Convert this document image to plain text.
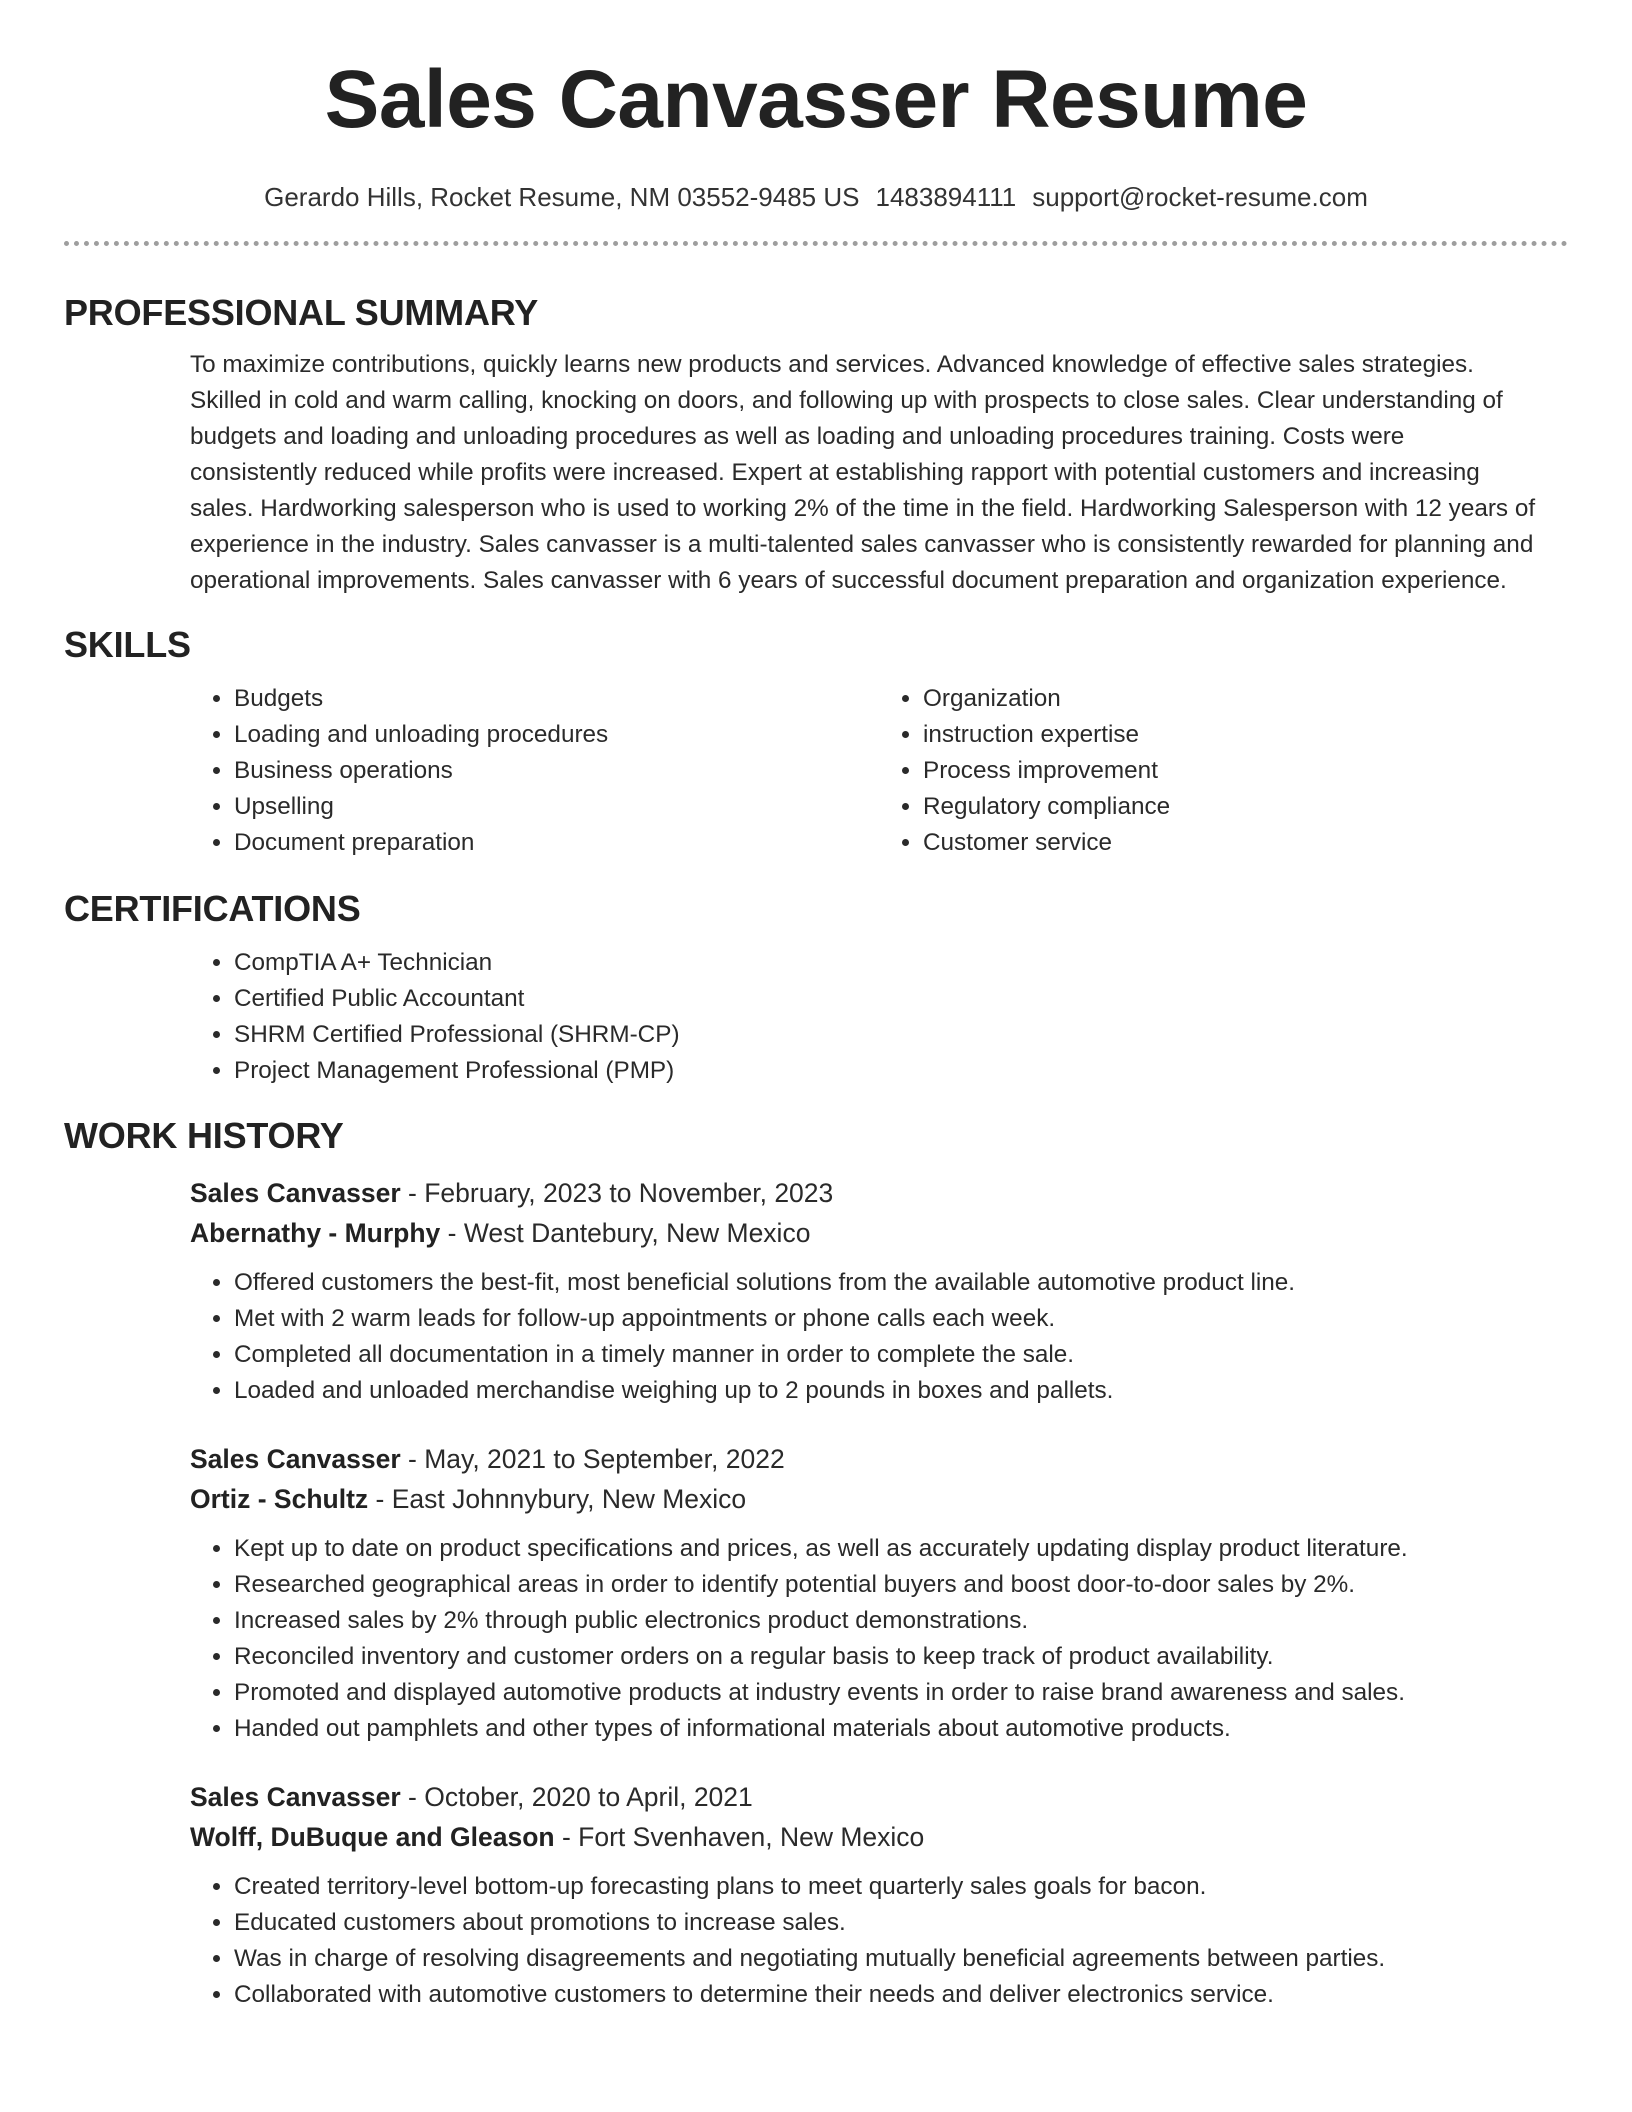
Sales Canvasser Resume
Gerardo Hills, Rocket Resume, NM 03552-9485 US 1483894111 support@rocket-resume.com
PROFESSIONAL SUMMARY
To maximize contributions, quickly learns new products and services. Advanced knowledge of effective sales strategies.
Skilled in cold and warm calling, knocking on doors, and following up with prospects to close sales. Clear understanding of
budgets and loading and unloading procedures as well as loading and unloading procedures training. Costs were
consistently reduced while profits were increased. Expert at establishing rapport with potential customers and increasing
sales. Hardworking salesperson who is used to working 2% of the time in the field. Hardworking Salesperson with 12 years of
experience in the industry. Sales canvasser is a multi-talented sales canvasser who is consistently rewarded for planning and
operational improvements. Sales canvasser with 6 years of successful document preparation and organization experience.
SKILLS
• Budgets
• Loading and unloading procedures
• Business operations
• Upselling
• Document preparation
• Organization
• instruction expertise
• Process improvement
• Regulatory compliance
• Customer service
CERTIFICATIONS
• CompTIA A+ Technician
• Certified Public Accountant
• SHRM Certified Professional (SHRM-CP)
• Project Management Professional (PMP)
WORK HISTORY
Sales Canvasser - February, 2023 to November, 2023
Abernathy - Murphy - West Dantebury, New Mexico
• Offered customers the best-fit, most beneficial solutions from the available automotive product line.
• Met with 2 warm leads for follow-up appointments or phone calls each week.
• Completed all documentation in a timely manner in order to complete the sale.
• Loaded and unloaded merchandise weighing up to 2 pounds in boxes and pallets.
Sales Canvasser - May, 2021 to September, 2022
Ortiz - Schultz - East Johnnybury, New Mexico
• Kept up to date on product specifications and prices, as well as accurately updating display product literature.
• Researched geographical areas in order to identify potential buyers and boost door-to-door sales by 2%.
• Increased sales by 2% through public electronics product demonstrations.
• Reconciled inventory and customer orders on a regular basis to keep track of product availability.
• Promoted and displayed automotive products at industry events in order to raise brand awareness and sales.
• Handed out pamphlets and other types of informational materials about automotive products.
Sales Canvasser - October, 2020 to April, 2021
Wolff, DuBuque and Gleason - Fort Svenhaven, New Mexico
• Created territory-level bottom-up forecasting plans to meet quarterly sales goals for bacon.
• Educated customers about promotions to increase sales.
• Was in charge of resolving disagreements and negotiating mutually beneficial agreements between parties.
• Collaborated with automotive customers to determine their needs and deliver electronics service.
